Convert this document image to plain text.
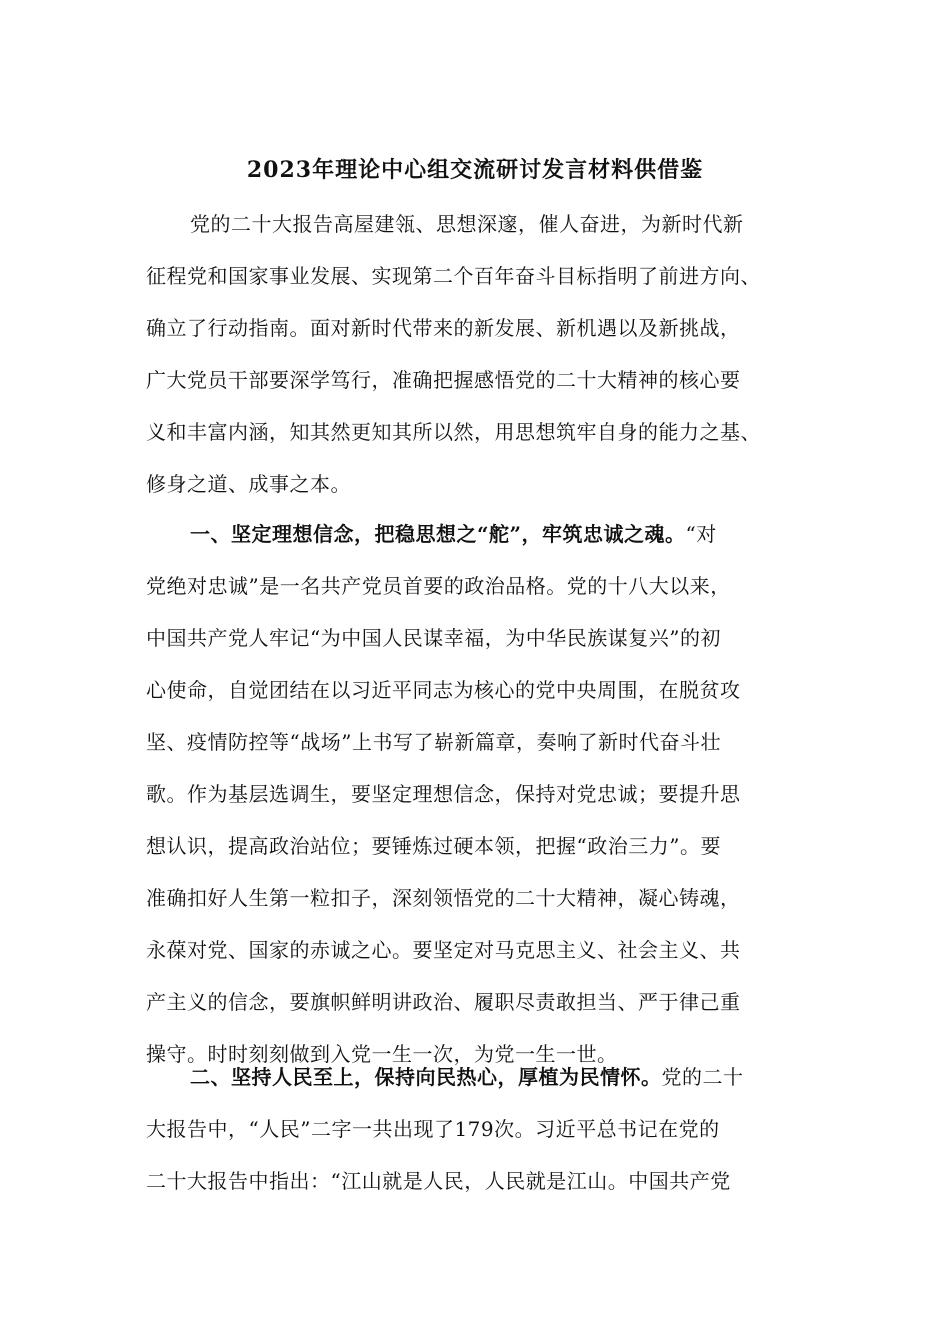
2023年理论中心组交流研讨发言材料供借鉴
党的二十大报告高屋建瓴、思想深邃，催人奋进，为新时代新
征程党和国家事业发展、实现第二个百年奋斗目标指明了前进方向、
确立了行动指南。面对新时代带来的新发展、新机遇以及新挑战，
广大党员干部要深学笃行，准确把握感悟党的二十大精神的核心要
义和丰富内涵，知其然更知其所以然，用思想筑牢自身的能力之基、
修身之道、成事之本。
一、坚定理想信念，把稳思想之“舵”，牢筑忠诚之魂。“对
党绝对忠诚”是一名共产党员首要的政治品格。党的十八大以来，
中国共产党人牢记“为中国人民谋幸福，为中华民族谋复兴”的初
心使命，自觉团结在以习近平同志为核心的党中央周围，在脱贫攻
坚、疫情防控等“战场”上书写了崭新篇章，奏响了新时代奋斗壮
歌。作为基层选调生，要坚定理想信念，保持对党忠诚；要提升思
想认识，提高政治站位；要锤炼过硬本领，把握“政治三力”。要
准确扣好人生第一粒扣子，深刻领悟党的二十大精神，凝心铸魂，
永葆对党、国家的赤诚之心。要坚定对马克思主义、社会主义、共
产主义的信念，要旗帜鲜明讲政治、履职尽责敢担当、严于律己重
操守。时时刻刻做到入党一生一次，为党一生一世。
二、坚持人民至上，保持向民热心，厚植为民情怀。党的二十
大报告中，“人民”二字一共出现了179次。习近平总书记在党的
二十大报告中指出：“江山就是人民，人民就是江山。中国共产党
